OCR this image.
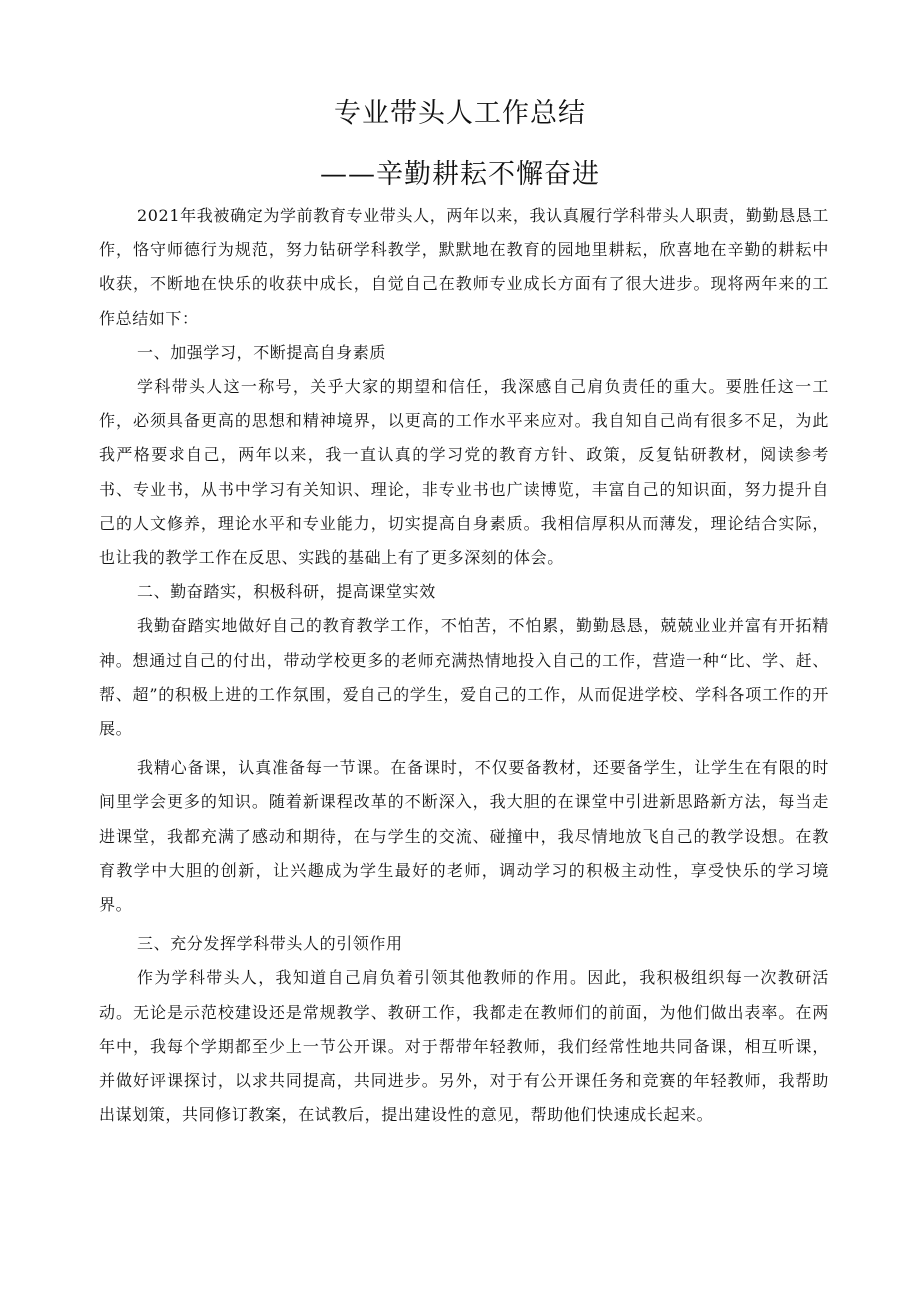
专业带头人工作总结
——辛勤耕耘不懈奋进

2021年我被确定为学前教育专业带头人，两年以来，我认真履行学科带头人职责，勤勤恳恳工作，恪守师德行为规范，努力钻研学科教学，默默地在教育的园地里耕耘，欣喜地在辛勤的耕耘中收获，不断地在快乐的收获中成长，自觉自己在教师专业成长方面有了很大进步。现将两年来的工作总结如下：

一、加强学习，不断提高自身素质

学科带头人这一称号，关乎大家的期望和信任，我深感自己肩负责任的重大。要胜任这一工作，必须具备更高的思想和精神境界，以更高的工作水平来应对。我自知自己尚有很多不足，为此我严格要求自己，两年以来，我一直认真的学习党的教育方针、政策，反复钻研教材，阅读参考书、专业书，从书中学习有关知识、理论，非专业书也广读博览，丰富自己的知识面，努力提升自己的人文修养，理论水平和专业能力，切实提高自身素质。我相信厚积从而薄发，理论结合实际，也让我的教学工作在反思、实践的基础上有了更多深刻的体会。

二、勤奋踏实，积极科研，提高课堂实效

我勤奋踏实地做好自己的教育教学工作，不怕苦，不怕累，勤勤恳恳，兢兢业业并富有开拓精神。想通过自己的付出，带动学校更多的老师充满热情地投入自己的工作，营造一种“比、学、赶、帮、超”的积极上进的工作氛围，爱自己的学生，爱自己的工作，从而促进学校、学科各项工作的开展。

我精心备课，认真准备每一节课。在备课时，不仅要备教材，还要备学生，让学生在有限的时间里学会更多的知识。随着新课程改革的不断深入，我大胆的在课堂中引进新思路新方法，每当走进课堂，我都充满了感动和期待，在与学生的交流、碰撞中，我尽情地放飞自己的教学设想。在教育教学中大胆的创新，让兴趣成为学生最好的老师，调动学习的积极主动性，享受快乐的学习境界。

三、充分发挥学科带头人的引领作用

作为学科带头人，我知道自己肩负着引领其他教师的作用。因此，我积极组织每一次教研活动。无论是示范校建设还是常规教学、教研工作，我都走在教师们的前面，为他们做出表率。在两年中，我每个学期都至少上一节公开课。对于帮带年轻教师，我们经常性地共同备课，相互听课，并做好评课探讨，以求共同提高，共同进步。另外，对于有公开课任务和竞赛的年轻教师，我帮助出谋划策，共同修订教案，在试教后，提出建设性的意见，帮助他们快速成长起来。
